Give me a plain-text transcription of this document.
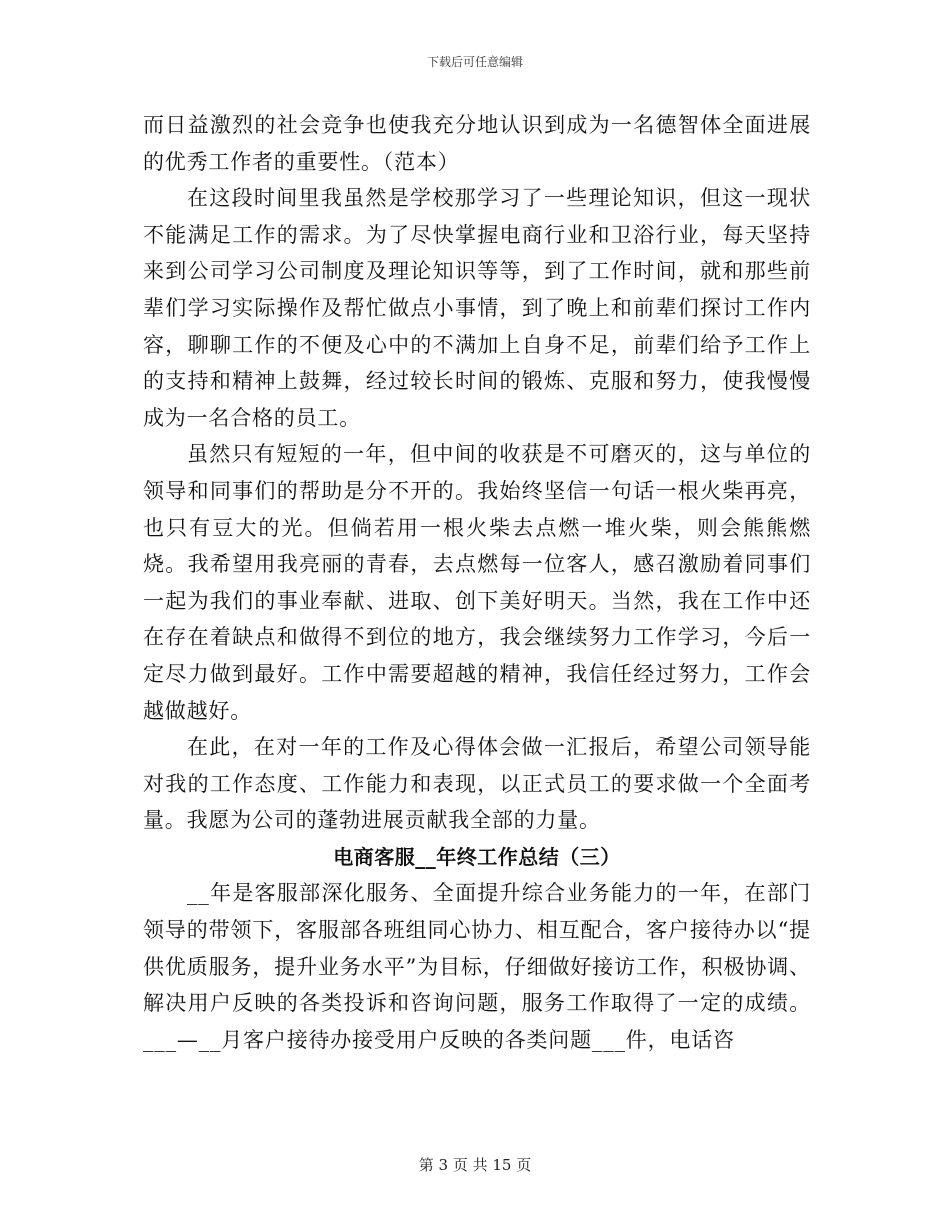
下载后可任意编辑

而日益激烈的社会竞争也使我充分地认识到成为一名德智体全面进展的优秀工作者的重要性。（范本）

在这段时间里我虽然是学校那学习了一些理论知识，但这一现状不能满足工作的需求。为了尽快掌握电商行业和卫浴行业，每天坚持来到公司学习公司制度及理论知识等等，到了工作时间，就和那些前辈们学习实际操作及帮忙做点小事情，到了晚上和前辈们探讨工作内容，聊聊工作的不便及心中的不满加上自身不足，前辈们给予工作上的支持和精神上鼓舞，经过较长时间的锻炼、克服和努力，使我慢慢成为一名合格的员工。

虽然只有短短的一年，但中间的收获是不可磨灭的，这与单位的领导和同事们的帮助是分不开的。我始终坚信一句话一根火柴再亮，也只有豆大的光。但倘若用一根火柴去点燃一堆火柴，则会熊熊燃烧。我希望用我亮丽的青春，去点燃每一位客人，感召激励着同事们一起为我们的事业奉献、进取、创下美好明天。当然，我在工作中还在存在着缺点和做得不到位的地方，我会继续努力工作学习，今后一定尽力做到最好。工作中需要超越的精神，我信任经过努力，工作会越做越好。

在此，在对一年的工作及心得体会做一汇报后，希望公司领导能对我的工作态度、工作能力和表现，以正式员工的要求做一个全面考量。我愿为公司的蓬勃进展贡献我全部的力量。

电商客服__年终工作总结（三）

__年是客服部深化服务、全面提升综合业务能力的一年，在部门领导的带领下，客服部各班组同心协力、相互配合，客户接待办以“提供优质服务，提升业务水平”为目标，仔细做好接访工作，积极协调、解决用户反映的各类投诉和咨询问题，服务工作取得了一定的成绩。___—__月客户接待办接受用户反映的各类问题___件，电话咨

第 3 页 共 15 页
